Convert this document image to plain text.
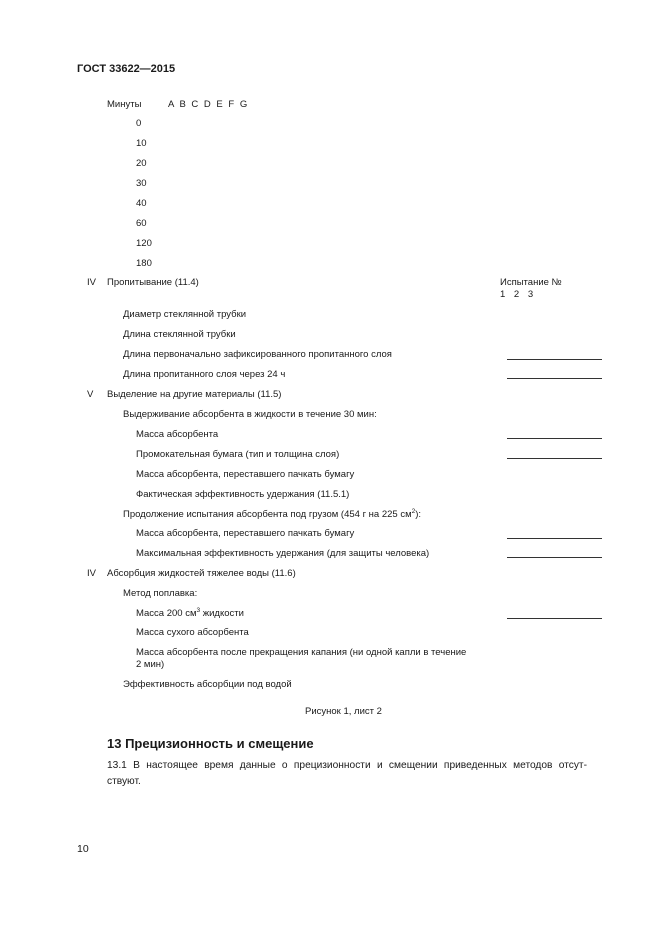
ГОСТ 33622—2015
Минуты	A B C D E F G
0
10
20
30
40
60
120
180
IV Пропитывание (11.4)	Испытание №
1 2 3
Диаметр стеклянной трубки
Длина стеклянной трубки
Длина первоначально зафиксированного пропитанного слоя
Длина пропитанного слоя через 24 ч
V Выделение на другие материалы (11.5)
Выдерживание абсорбента в жидкости в течение 30 мин:
Масса абсорбента
Промокательная бумага (тип и толщина слоя)
Масса абсорбента, переставшего пачкать бумагу
Фактическая эффективность удержания (11.5.1)
Продолжение испытания абсорбента под грузом (454 г на 225 $см^2$):
Масса абсорбента, переставшего пачкать бумагу
Максимальная эффективность удержания (для защиты человека)
IV Абсорбция жидкостей тяжелее воды (11.6)
Метод поплавка:
Масса 200 $см^3$ жидкости
Масса сухого абсорбента
Масса абсорбента после прекращения капания (ни одной капли в течение
2 мин)
Эффективность абсорбции под водой
Рисунок 1, лист 2
13 Прецизионность и смещение
13.1 В настоящее время данные о прецизионности и смещении приведенных методов отсут-
ствуют.
10
